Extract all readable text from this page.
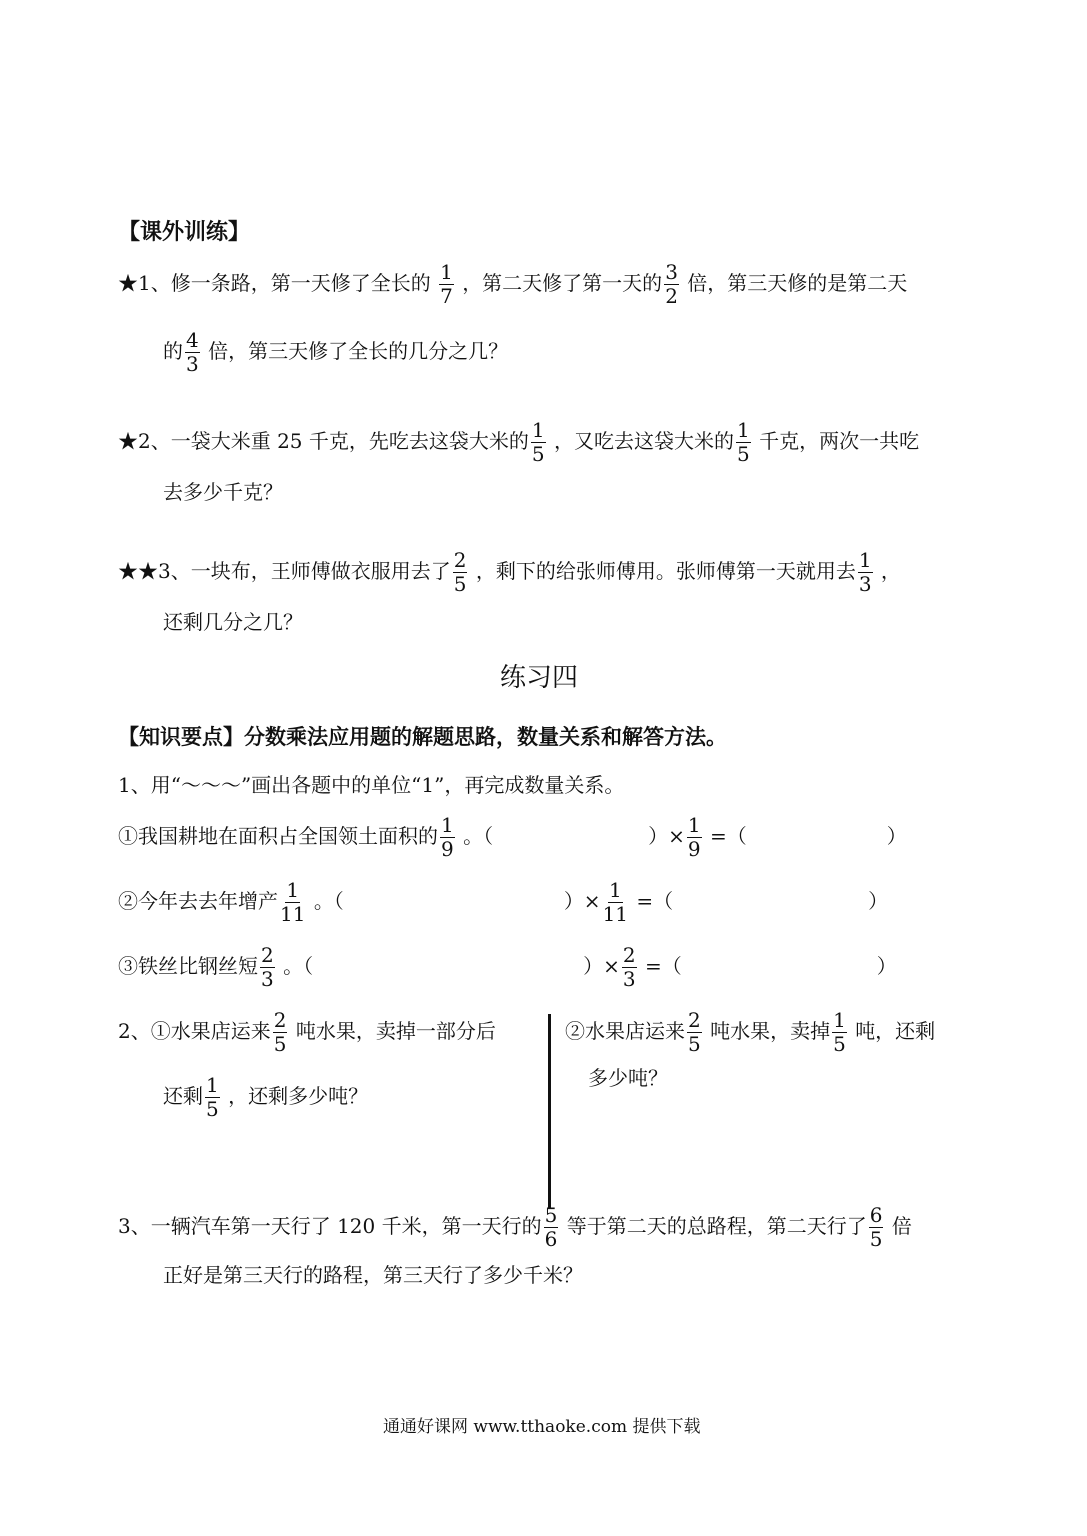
【课外训练】
★1、修一条路，第一天修了全长的 $\frac{1}{7}$ ，第二天修了第一天的 $\frac{3}{2}$ 倍，第三天修的是第二天
的 $\frac{4}{3}$ 倍，第三天修了全长的几分之几？
★2、一袋大米重 25 千克，先吃去这袋大米的 $\frac{1}{5}$ ，又吃去这袋大米的 $\frac{1}{5}$ 千克，两次一共吃
去多少千克？
★★3、一块布，王师傅做衣服用去了 $\frac{2}{5}$ ，剩下的给张师傅用。张师傅第一天就用去 $\frac{1}{3}$ ，
还剩几分之几？
练习四
【知识要点】分数乘法应用题的解题思路，数量关系和解答方法。
1、用“～～～”画出各题中的单位“1”，再完成数量关系。
①我国耕地在面积占全国领土面积的 $\frac{1}{9}$ 。（	）× $\frac{1}{9}$ =（	）
②今年去去年增产 $\frac{1}{11}$ 。（	）× $\frac{1}{11}$ =（	）
③铁丝比钢丝短 $\frac{2}{3}$ 。（	）× $\frac{2}{3}$ =（	）
2、①水果店运来 $\frac{2}{5}$ 吨水果，卖掉一部分后
还剩 $\frac{1}{5}$ ，还剩多少吨？
②水果店运来 $\frac{2}{5}$ 吨水果，卖掉 $\frac{1}{5}$ 吨，还剩
多少吨？
3、一辆汽车第一天行了 120 千米，第一天行的 $\frac{5}{6}$ 等于第二天的总路程，第二天行了 $\frac{6}{5}$ 倍
正好是第三天行的路程，第三天行了多少千米？
通通好课网 www.tthaoke.com 提供下载
